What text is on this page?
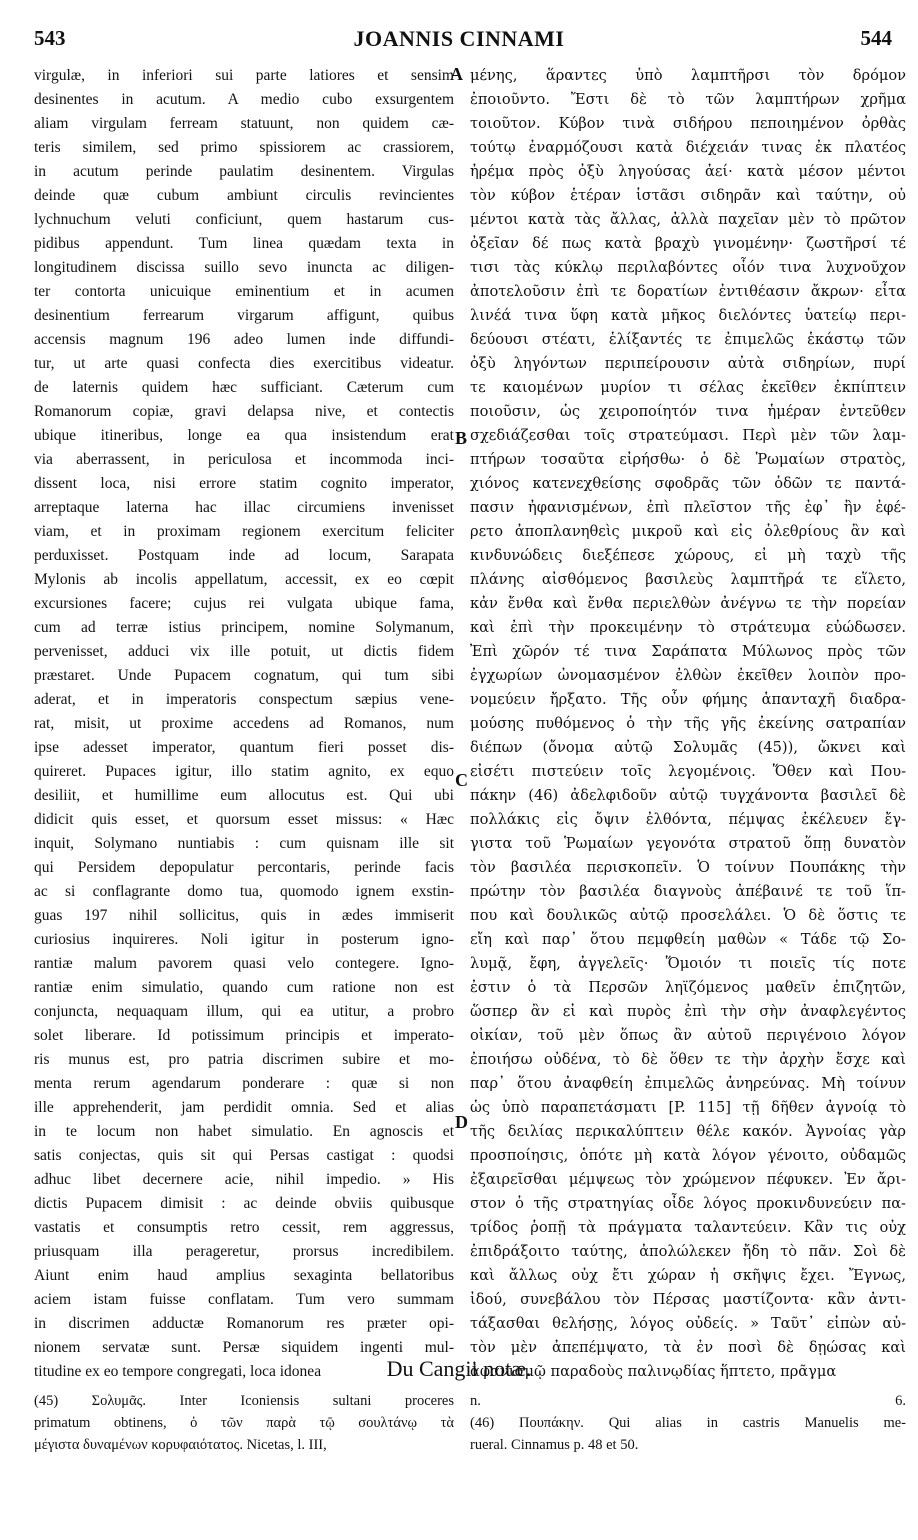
543	JOANNIS CINNAMI	544
virgulæ, in inferiori sui parte latiores et sensim
desinentes in acutum. A medio cubo exsurgentem
aliam virgulam ferream statuunt, non quidem cæ-
teris similem, sed primo spissiorem ac crassiorem,
in acutum perinde paulatim desinentem. Virgulas
deinde quæ cubum ambiunt circulis revincientes
lychnuchum veluti conficiunt, quem hastarum cus-
pidibus appendunt. Tum linea quædam texta in
longitudinem discissa suillo sevo inuncta ac diligen-
ter contorta unicuique eminentium et in acumen
desinentium ferrearum virgarum affigunt, quibus
accensis magnum 196 adeo lumen inde diffundi-
tur, ut arte quasi confecta dies exercitibus videatur.
de laternis quidem hæc sufficiant. Cæterum cum
Romanorum copiæ, gravi delapsa nive, et contectis
ubique itineribus, longe ea qua insistendum erat
via aberrassent, in periculosa et incommoda inci-
dissent loca, nisi errore statim cognito imperator,
arreptaque laterna hac illac circumiens invenisset
viam, et in proximam regionem exercitum feliciter
perduxisset. Postquam inde ad locum, Sarapata
Mylonis ab incolis appellatum, accessit, ex eo cœpit
excursiones facere; cujus rei vulgata ubique fama,
cum ad terræ istius principem, nomine Solymanum,
pervenisset, adduci vix ille potuit, ut dictis fidem
præstaret. Unde Pupacem cognatum, qui tum sibi
aderat, et in imperatoris conspectum sæpius vene-
rat, misit, ut proxime accedens ad Romanos, num
ipse adesset imperator, quantum fieri posset dis-
quireret. Pupaces igitur, illo statim agnito, ex equo
desiliit, et humillime eum allocutus est. Qui ubi
didicit quis esset, et quorsum esset missus: « Hæc
inquit, Solymano nuntiabis : cum quisnam ille sit
qui Persidem depopulatur percontaris, perinde facis
ac si conflagrante domo tua, quomodo ignem exstin-
guas 197 nihil sollicitus, quis in ædes immiserit
curiosius inquireres. Noli igitur in posterum igno-
rantiæ malum pavorem quasi velo contegere. Igno-
rantiæ enim simulatio, quando cum ratione non est
conjuncta, nequaquam illum, qui ea utitur, a probro
solet liberare. Id potissimum principis et imperato-
ris munus est, pro patria discrimen subire et mo-
menta rerum agendarum ponderare : quæ si non
ille apprehenderit, jam perdidit omnia. Sed et alias
in te locum non habet simulatio. En agnoscis et
satis conjectas, quis sit qui Persas castigat : quodsi
adhuc libet decernere acie, nihil impedio. » His
dictis Pupacem dimisit : ac deinde obviis quibusque
vastatis et consumptis retro cessit, rem aggressus,
priusquam illa perageretur, prorsus incredibilem.
Aiunt enim haud amplius sexaginta bellatoribus
aciem istam fuisse conflatam. Tum vero summam
in discrimen adductæ Romanorum res præter opi-
nionem servatæ sunt. Persæ siquidem ingenti mul-
titudine ex eo tempore congregati, loca idonea
μένης, ἅραντες ὑπὸ λαμπτῆρσι τὸν δρόμον
ἐποιοῦντο. Ἔστι δὲ τὸ τῶν λαμπτήρων χρῆμα
τοιοῦτον. Κύβον τινὰ σιδήρου πεποιημένον ὀρθὰς
τούτῳ ἐναρμόζουσι κατὰ διέχειάν τινας ἐκ πλατέος
ἠρέμα πρὸς ὀξὺ ληγούσας ἀεί· κατὰ μέσον μέντοι
τὸν κύβον ἑτέραν ἱστᾶσι σιδηρᾶν καὶ ταύτην, οὐ
μέντοι κατὰ τὰς ἄλλας, ἀλλὰ παχεῖαν μὲν τὸ πρῶτον
ὀξεῖαν δέ πως κατὰ βραχὺ γινομένην· ζωστῆρσί τέ
τισι τὰς κύκλῳ περιλαβόντες οἷόν τινα λυχνοῦχον
ἀποτελοῦσιν ἐπὶ τε δορατίων ἐντιθέασιν ἄκρων· εἶτα
λινέά τινα ὕφη κατὰ μῆκος διελόντες ὑατείῳ περι-
δεύουσι στέατι, ἑλίξαντές τε ἐπιμελῶς ἑκάστῳ τῶν
ὀξὺ ληγόντων περιπείρουσιν αὐτὰ σιδηρίων, πυρί
τε καιομένων μυρίον τι σέλας ἐκεῖθεν ἐκπίπτειν
ποιοῦσιν, ὡς χειροποίητόν τινα ἡμέραν ἐντεῦθεν
σχεδιάζεσθαι τοῖς στρατεύμασι. Περὶ μὲν τῶν λαμ-
πτήρων τοσαῦτα εἰρήσθω· ὁ δὲ Ῥωμαίων στρατὸς,
χιόνος κατενεχθείσης σφοδρᾶς τῶν ὁδῶν τε παντά-
πασιν ἠφανισμένων, ἐπὶ πλεῖστον τῆς ἐφ᾽ ἣν ἐφέ-
ρετο ἀποπλανηθεὶς μικροῦ καὶ εἰς ὀλεθρίους ἂν καὶ
κινδυνώδεις διεξέπεσε χώρους, εἰ μὴ ταχὺ τῆς
πλάνης αἰσθόμενος βασιλεὺς λαμπτῆρά τε εἵλετο,
κἀν ἔνθα καὶ ἔνθα περιελθὼν ἀνέγνω τε τὴν πορείαν
καὶ ἐπὶ τὴν προκειμένην τὸ στράτευμα εὐώδωσεν.
Ἐπὶ χῶρόν τέ τινα Σαράπατα Μύλωνος πρὸς τῶν
ἐγχωρίων ὠνομασμένον ἐλθὼν ἐκεῖθεν λοιπὸν προ-
νομεύειν ἤρξατο. Τῆς οὖν φήμης ἁπανταχῆ διαδρα-
μούσης πυθόμενος ὁ τὴν τῆς γῆς ἐκείνης σατραπίαν
διέπων (ὄνομα αὐτῷ Σολυμᾶς (45)), ὤκνει καὶ
εἰσέτι πιστεύειν τοῖς λεγομένοις. Ὅθεν καὶ Που-
πάκην (46) ἀδελφιδοῦν αὐτῷ τυγχάνοντα βασιλεῖ δὲ
πολλάκις εἰς ὄψιν ἐλθόντα, πέμψας ἐκέλευεν ἔγ-
γιστα τοῦ Ῥωμαίων γεγονότα στρατοῦ ὅπῃ δυνατὸν
τὸν βασιλέα περισκοπεῖν. Ὁ τοίνυν Πουπάκης τὴν
πρώτην τὸν βασιλέα διαγνοὺς ἀπέβαινέ τε τοῦ ἵπ-
που καὶ δουλικῶς αὐτῷ προσελάλει. Ὁ δὲ ὅστις τε
εἴη καὶ παρ᾽ ὅτου πεμφθείη μαθὼν « Τάδε τῷ Σο-
λυμᾷ, ἔφη, ἀγγελεῖς· Ὅμοιόν τι ποιεῖς τίς ποτε
ἐστιν ὁ τὰ Περσῶν ληϊζόμενος μαθεῖν ἐπιζητῶν,
ὥσπερ ἂν εἰ καὶ πυρὸς ἐπὶ τὴν σὴν ἀναφλεγέντος
οἰκίαν, τοῦ μὲν ὅπως ἂν αὐτοῦ περιγένοιο λόγον
ἐποιήσω οὐδένα, τὸ δὲ ὅθεν τε τὴν ἀρχὴν ἔσχε καὶ
παρ᾽ ὅτου ἀναφθείη ἐπιμελῶς ἀνηρεύνας. Μὴ τοίνυν
ὡς ὑπὸ παραπετάσματι [P. 115] τῇ δῆθεν ἀγνοίᾳ τὸ
τῆς δειλίας περικαλύπτειν θέλε κακόν. Ἀγνοίας γὰρ
προσποίησις, ὁπότε μὴ κατὰ λόγον γένοιτο, οὐδαμῶς
ἐξαιρεῖσθαι μέμψεως τὸν χρώμενον πέφυκεν. Ἐν ἄρι-
στον ὁ τῆς στρατηγίας οἶδε λόγος προκινδυνεύειν πα-
τρίδος ῥοπῇ τὰ πράγματα ταλαντεύειν. Κἂν τις οὐχ
ἐπιδράξοιτο ταύτης, ἀπολώλεκεν ἤδη τὸ πᾶν. Σοὶ δὲ
καὶ ἄλλως οὐχ ἔτι χώραν ἡ σκῆψις ἔχει. Ἔγνως,
ἰδού, συνεβάλου τὸν Πέρσας μαστίζοντα· κἂν ἀντι-
τάξασθαι θελήσῃς, λόγος οὐδείς. » Ταῦτ᾽ εἰπὼν αὐ-
τὸν μὲν ἀπεπέμψατο, τὰ ἐν ποσὶ δὲ δῃώσας καὶ
ἀφανισμῷ παραδοὺς παλινῳδίας ἥπτετο, πρᾶγμα
A
B
C
D
Du Cangii notæ.
(45) Σολυμᾶς. Inter Iconiensis sultani proceres
primatum obtinens, ὁ τῶν παρὰ τῷ σουλτάνῳ τὰ
μέγιστα δυναμένων κορυφαιότατος. Nicetas, l. III,
n. 6.
(46) Πουπάκην. Qui alias in castris Manuelis me-
rueral. Cinnamus p. 48 et 50.
